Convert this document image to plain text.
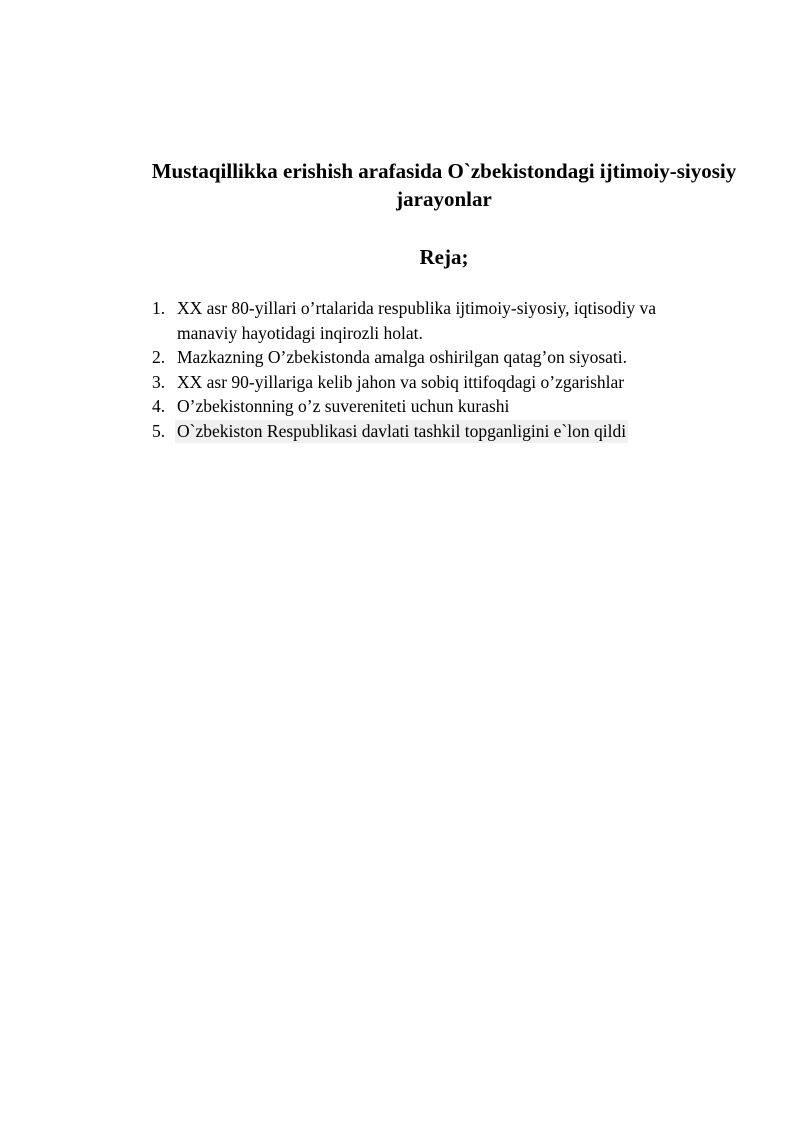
Mustaqillikka erishish arafasida O`zbekistondagi ijtimoiy-siyosiy
jarayonlar
Reja;
1. XX asr 80-yillari o’rtalarida respublika ijtimoiy-siyosiy, iqtisodiy va manaviy hayotidagi inqirozli holat.
2. Mazkazning O’zbekistonda amalga oshirilgan qatag’on siyosati.
3. XX asr 90-yillariga kelib jahon va sobiq ittifoqdagi o’zgarishlar
4. O’zbekistonning o’z suvereniteti uchun kurashi
5. O`zbekiston Respublikasi davlati tashkil topganligini e`lon qildi
